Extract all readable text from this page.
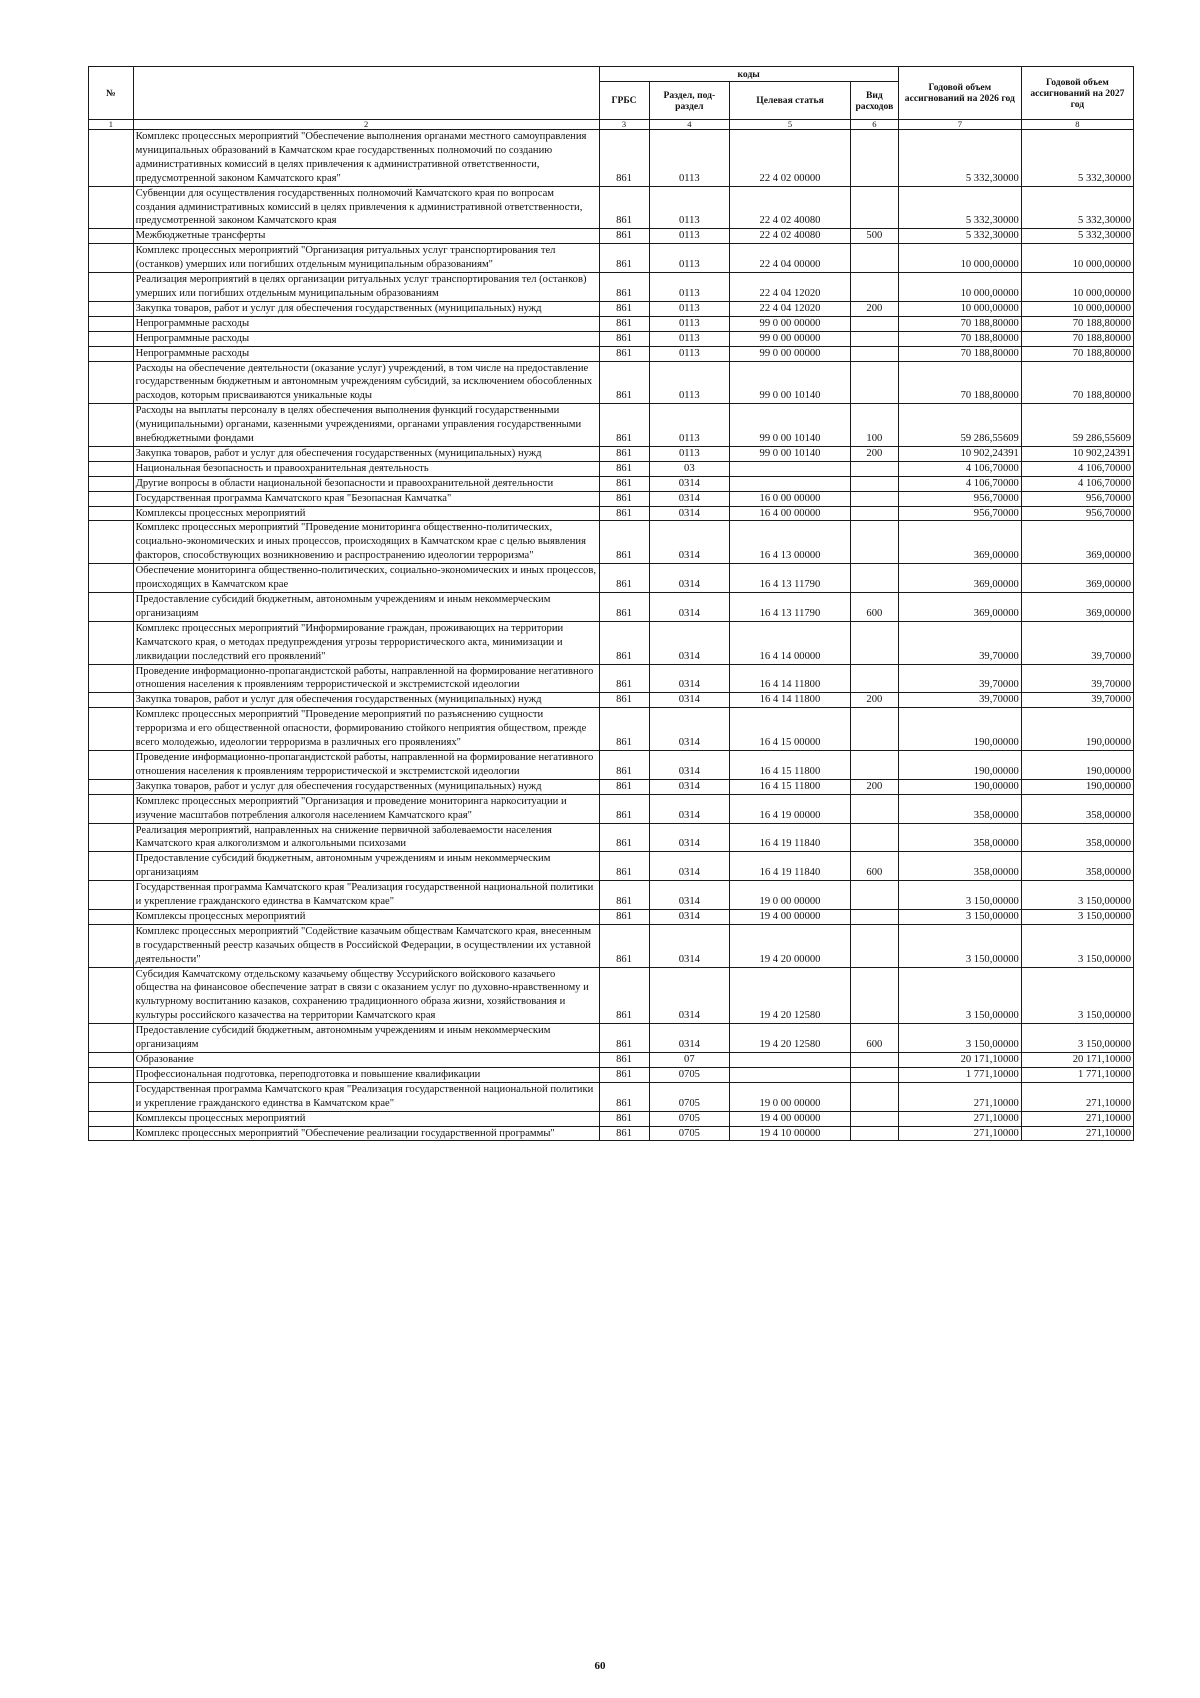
№		коды				Годовой объем ассигнований на 2026 год	Годовой объем ассигнований на 2027 год
		ГРБС	Раздел, под-раздел	Целевая статья	Вид расходов		
1	2	3	4	5	6	7	8
	Комплекс процессных мероприятий "Обеспечение выполнения органами местного самоуправления муниципальных образований в Камчатском крае государственных полномочий по созданию административных комиссий в целях привлечения к административной ответственности, предусмотренной законом Камчатского края"	861	0113	22 4 02 00000		5 332,30000	5 332,30000
	Субвенции для осуществления государственных полномочий Камчатского края по вопросам создания административных комиссий в целях привлечения к административной ответственности, предусмотренной законом Камчатского края	861	0113	22 4 02 40080		5 332,30000	5 332,30000
	Межбюджетные трансферты	861	0113	22 4 02 40080	500	5 332,30000	5 332,30000
	Комплекс процессных мероприятий "Организация ритуальных услуг транспортирования тел (останков) умерших или погибших отдельным муниципальным образованиям"	861	0113	22 4 04 00000		10 000,00000	10 000,00000
	Реализация мероприятий в целях организации ритуальных услуг транспортирования тел (останков) умерших или погибших отдельным муниципальным образованиям	861	0113	22 4 04 12020		10 000,00000	10 000,00000
	Закупка товаров, работ и услуг для обеспечения государственных (муниципальных) нужд	861	0113	22 4 04 12020	200	10 000,00000	10 000,00000
	Непрограммные расходы	861	0113	99 0 00 00000		70 188,80000	70 188,80000
	Непрограммные расходы	861	0113	99 0 00 00000		70 188,80000	70 188,80000
	Непрограммные расходы	861	0113	99 0 00 00000		70 188,80000	70 188,80000
	Расходы на обеспечение деятельности (оказание услуг) учреждений, в том числе на предоставление государственным бюджетным и автономным учреждениям субсидий, за исключением обособленных расходов, которым присваиваются уникальные коды	861	0113	99 0 00 10140		70 188,80000	70 188,80000
	Расходы на выплаты персоналу в целях обеспечения выполнения функций государственными (муниципальными) органами, казенными учреждениями, органами управления государственными внебюджетными фондами	861	0113	99 0 00 10140	100	59 286,55609	59 286,55609
	Закупка товаров, работ и услуг для обеспечения государственных (муниципальных) нужд	861	0113	99 0 00 10140	200	10 902,24391	10 902,24391
	Национальная безопасность и правоохранительная деятельность	861	03			4 106,70000	4 106,70000
	Другие вопросы в области национальной безопасности и правоохранительной деятельности	861	0314			4 106,70000	4 106,70000
	Государственная программа Камчатского края "Безопасная Камчатка"	861	0314	16 0 00 00000		956,70000	956,70000
	Комплексы процессных мероприятий	861	0314	16 4 00 00000		956,70000	956,70000
	Комплекс процессных мероприятий "Проведение мониторинга общественно-политических, социально-экономических и иных процессов, происходящих в Камчатском крае с целью выявления факторов, способствующих возникновению и распространению идеологии терроризма"	861	0314	16 4 13 00000		369,00000	369,00000
	Обеспечение мониторинга общественно-политических, социально-экономических и иных процессов, происходящих в Камчатском крае	861	0314	16 4 13 11790		369,00000	369,00000
	Предоставление субсидий бюджетным, автономным учреждениям и иным некоммерческим организациям	861	0314	16 4 13 11790	600	369,00000	369,00000
	Комплекс процессных мероприятий "Информирование граждан, проживающих на территории Камчатского края, о методах предупреждения угрозы террористического акта, минимизации и ликвидации последствий его проявлений"	861	0314	16 4 14 00000		39,70000	39,70000
	Проведение информационно-пропагандистской работы, направленной на формирование негативного отношения населения к проявлениям террористической и экстремистской идеологии	861	0314	16 4 14 11800		39,70000	39,70000
	Закупка товаров, работ и услуг для обеспечения государственных (муниципальных) нужд	861	0314	16 4 14 11800	200	39,70000	39,70000
	Комплекс процессных мероприятий "Проведение мероприятий по разъяснению сущности терроризма и его общественной опасности, формированию стойкого неприятия обществом, прежде всего молодежью, идеологии терроризма в различных его проявлениях"	861	0314	16 4 15 00000		190,00000	190,00000
	Проведение информационно-пропагандистской работы, направленной на формирование негативного отношения населения к проявлениям террористической и экстремистской идеологии	861	0314	16 4 15 11800		190,00000	190,00000
	Закупка товаров, работ и услуг для обеспечения государственных (муниципальных) нужд	861	0314	16 4 15 11800	200	190,00000	190,00000
	Комплекс процессных мероприятий "Организация и проведение мониторинга наркоситуации и изучение масштабов потребления алкоголя населением Камчатского края"	861	0314	16 4 19 00000		358,00000	358,00000
	Реализация мероприятий, направленных на снижение первичной заболеваемости населения Камчатского края алкоголизмом и алкогольными психозами	861	0314	16 4 19 11840		358,00000	358,00000
	Предоставление субсидий бюджетным, автономным учреждениям и иным некоммерческим организациям	861	0314	16 4 19 11840	600	358,00000	358,00000
	Государственная программа Камчатского края "Реализация государственной национальной политики и укрепление гражданского единства в Камчатском крае"	861	0314	19 0 00 00000		3 150,00000	3 150,00000
	Комплексы процессных мероприятий	861	0314	19 4 00 00000		3 150,00000	3 150,00000
	Комплекс процессных мероприятий "Содействие казачьим обществам Камчатского края, внесенным в государственный реестр казачьих обществ в Российской Федерации, в осуществлении их уставной деятельности"	861	0314	19 4 20 00000		3 150,00000	3 150,00000
	Субсидия Камчатскому отдельскому казачьему обществу Уссурийского войскового казачьего общества на финансовое обеспечение затрат в связи с оказанием услуг по духовно-нравственному и культурному воспитанию казаков, сохранению традиционного образа жизни, хозяйствования и культуры российского казачества на территории Камчатского края	861	0314	19 4 20 12580		3 150,00000	3 150,00000
	Предоставление субсидий бюджетным, автономным учреждениям и иным некоммерческим организациям	861	0314	19 4 20 12580	600	3 150,00000	3 150,00000
	Образование	861	07			20 171,10000	20 171,10000
	Профессиональная подготовка, переподготовка и повышение квалификации	861	0705			1 771,10000	1 771,10000
	Государственная программа Камчатского края "Реализация государственной национальной политики и укрепление гражданского единства в Камчатском крае"	861	0705	19 0 00 00000		271,10000	271,10000
	Комплексы процессных мероприятий	861	0705	19 4 00 00000		271,10000	271,10000
	Комплекс процессных мероприятий "Обеспечение реализации государственной программы"	861	0705	19 4 10 00000		271,10000	271,10000
60
